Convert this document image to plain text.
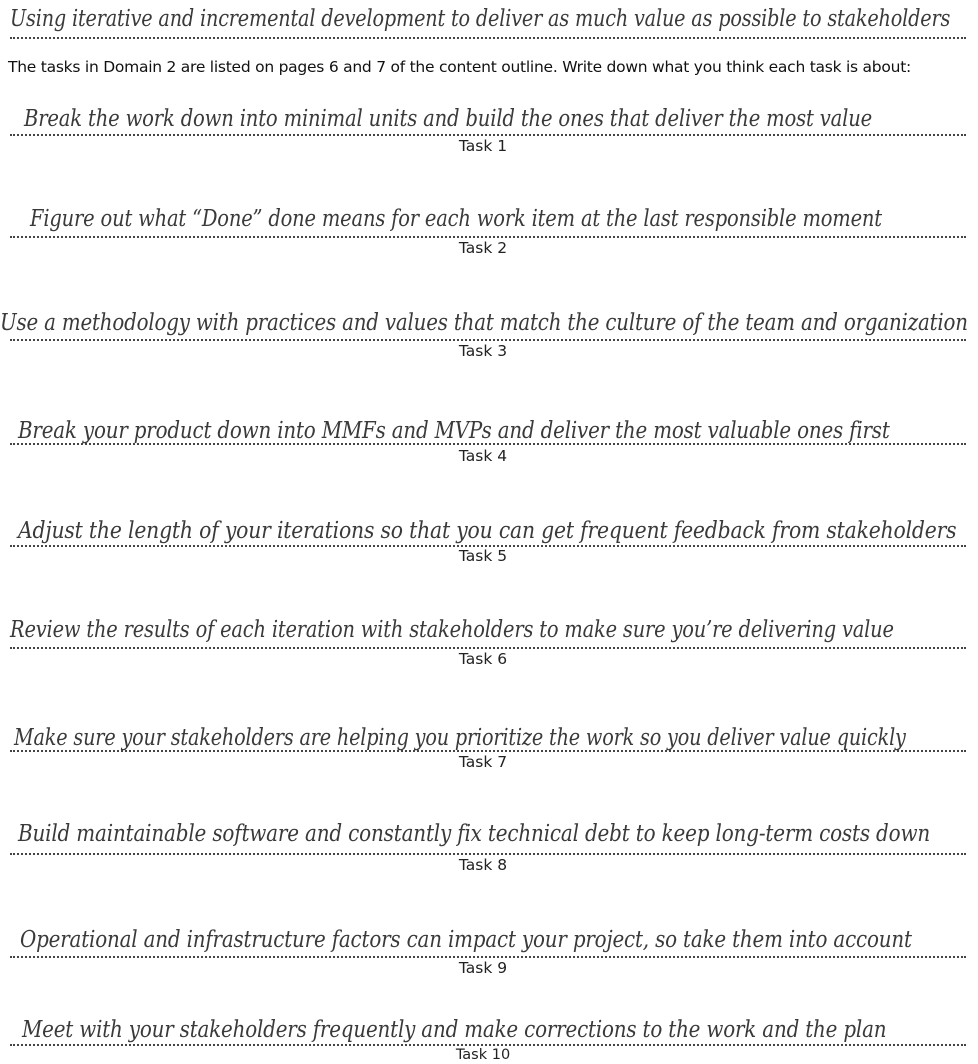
Using iterative and incremental development to deliver as much value as possible to stakeholders
The tasks in Domain 2 are listed on pages 6 and 7 of the content outline. Write down what you think each task is about:
Break the work down into minimal units and build the ones that deliver the most value
Task 1
Figure out what “Done” done means for each work item at the last responsible moment
Task 2
Use a methodology with practices and values that match the culture of the team and organization
Task 3
Break your product down into MMFs and MVPs and deliver the most valuable ones first
Task 4
Adjust the length of your iterations so that you can get frequent feedback from stakeholders
Task 5
Review the results of each iteration with stakeholders to make sure you’re delivering value
Task 6
Make sure your stakeholders are helping you prioritize the work so you deliver value quickly
Task 7
Build maintainable software and constantly fix technical debt to keep long-term costs down
Task 8
Operational and infrastructure factors can impact your project, so take them into account
Task 9
Meet with your stakeholders frequently and make corrections to the work and the plan
Task 10
